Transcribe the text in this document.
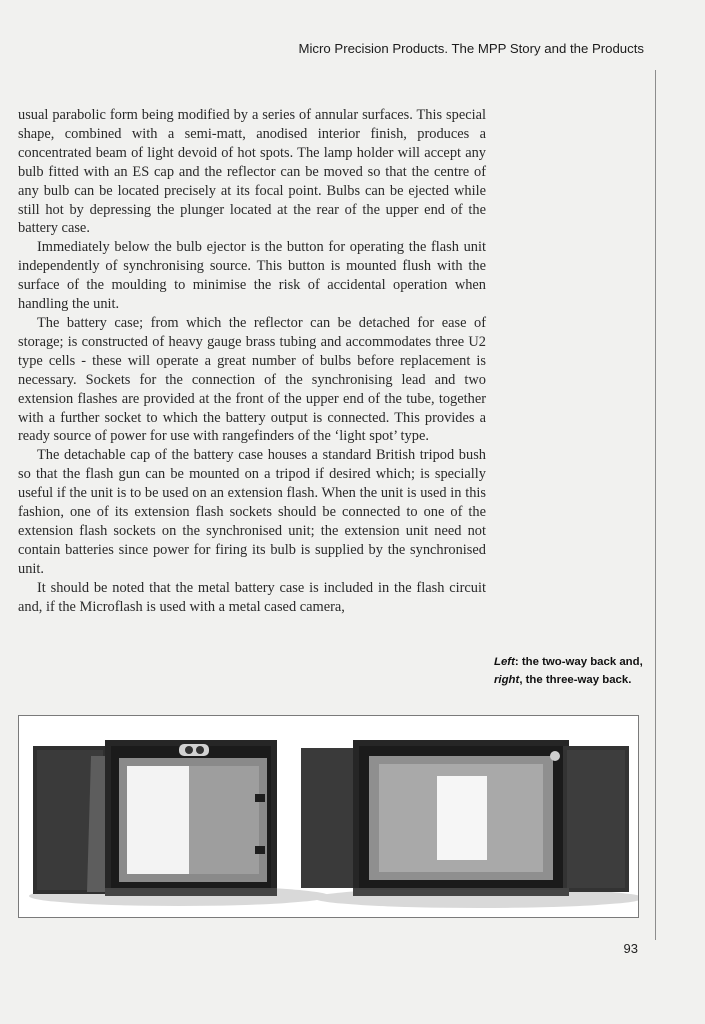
Micro Precision Products. The MPP Story and the Products

usual parabolic form being modified by a series of annular surfaces. This special shape, combined with a semi-matt, anodised interior finish, produces a concentrated beam of light devoid of hot spots. The lamp holder will accept any bulb fitted with an ES cap and the reflector can be moved so that the centre of any bulb can be located precisely at its focal point. Bulbs can be ejected while still hot by depressing the plunger located at the rear of the upper end of the battery case.

Immediately below the bulb ejector is the button for operating the flash unit independently of synchronising source. This button is mounted flush with the surface of the moulding to minimise the risk of accidental operation when handling the unit.

The battery case; from which the reflector can be detached for ease of storage; is constructed of heavy gauge brass tubing and accommodates three U2 type cells - these will operate a great number of bulbs before replacement is necessary. Sockets for the connection of the synchronising lead and two extension flashes are provided at the front of the upper end of the tube, together with a further socket to which the battery output is connected. This provides a ready source of power for use with rangefinders of the ‘light spot’ type.

The detachable cap of the battery case houses a standard British tripod bush so that the flash gun can be mounted on a tripod if desired which; is specially useful if the unit is to be used on an extension flash. When the unit is used in this fashion, one of its extension flash sockets should be connected to one of the extension flash sockets on the synchronised unit; the extension unit need not contain batteries since power for firing its bulb is supplied by the synchronised unit.

It should be noted that the metal battery case is included in the flash circuit and, if the Microflash is used with a metal cased camera,

Left: the two-way back and, right, the three-way back.
93
